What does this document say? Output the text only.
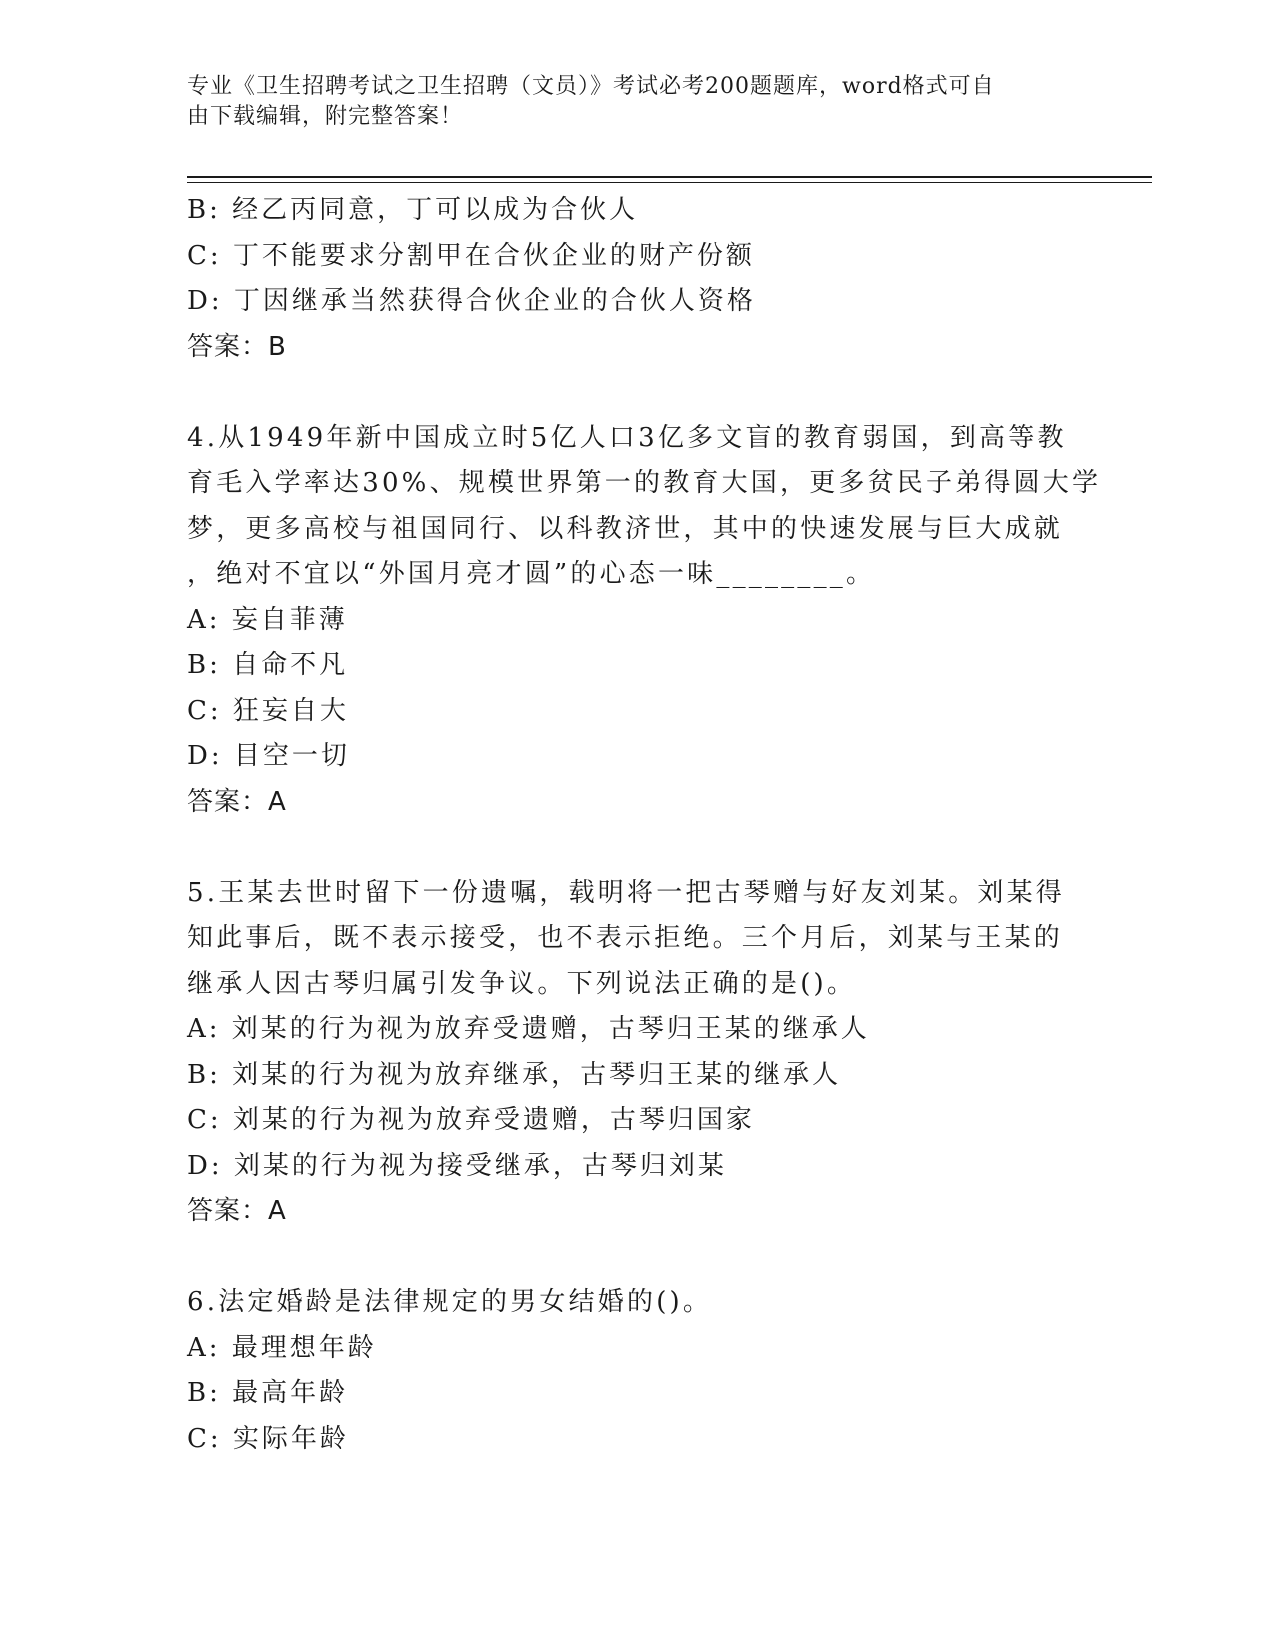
专业《卫生招聘考试之卫生招聘（文员）》考试必考200题题库，word格式可自
由下载编辑，附完整答案！
B: 经乙丙同意，丁可以成为合伙人
C: 丁不能要求分割甲在合伙企业的财产份额
D: 丁因继承当然获得合伙企业的合伙人资格
答案：B
4.从1949年新中国成立时5亿人口3亿多文盲的教育弱国，到高等教
育毛入学率达30%、规模世界第一的教育大国，更多贫民子弟得圆大学
梦，更多高校与祖国同行、以科教济世，其中的快速发展与巨大成就
，绝对不宜以“外国月亮才圆”的心态一味________。
A: 妄自菲薄
B: 自命不凡
C: 狂妄自大
D: 目空一切
答案：A
5.王某去世时留下一份遗嘱，载明将一把古琴赠与好友刘某。刘某得
知此事后，既不表示接受，也不表示拒绝。三个月后，刘某与王某的
继承人因古琴归属引发争议。下列说法正确的是()。
A: 刘某的行为视为放弃受遗赠，古琴归王某的继承人
B: 刘某的行为视为放弃继承，古琴归王某的继承人
C: 刘某的行为视为放弃受遗赠，古琴归国家
D: 刘某的行为视为接受继承，古琴归刘某
答案：A
6.法定婚龄是法律规定的男女结婚的()。
A: 最理想年龄
B: 最高年龄
C: 实际年龄
